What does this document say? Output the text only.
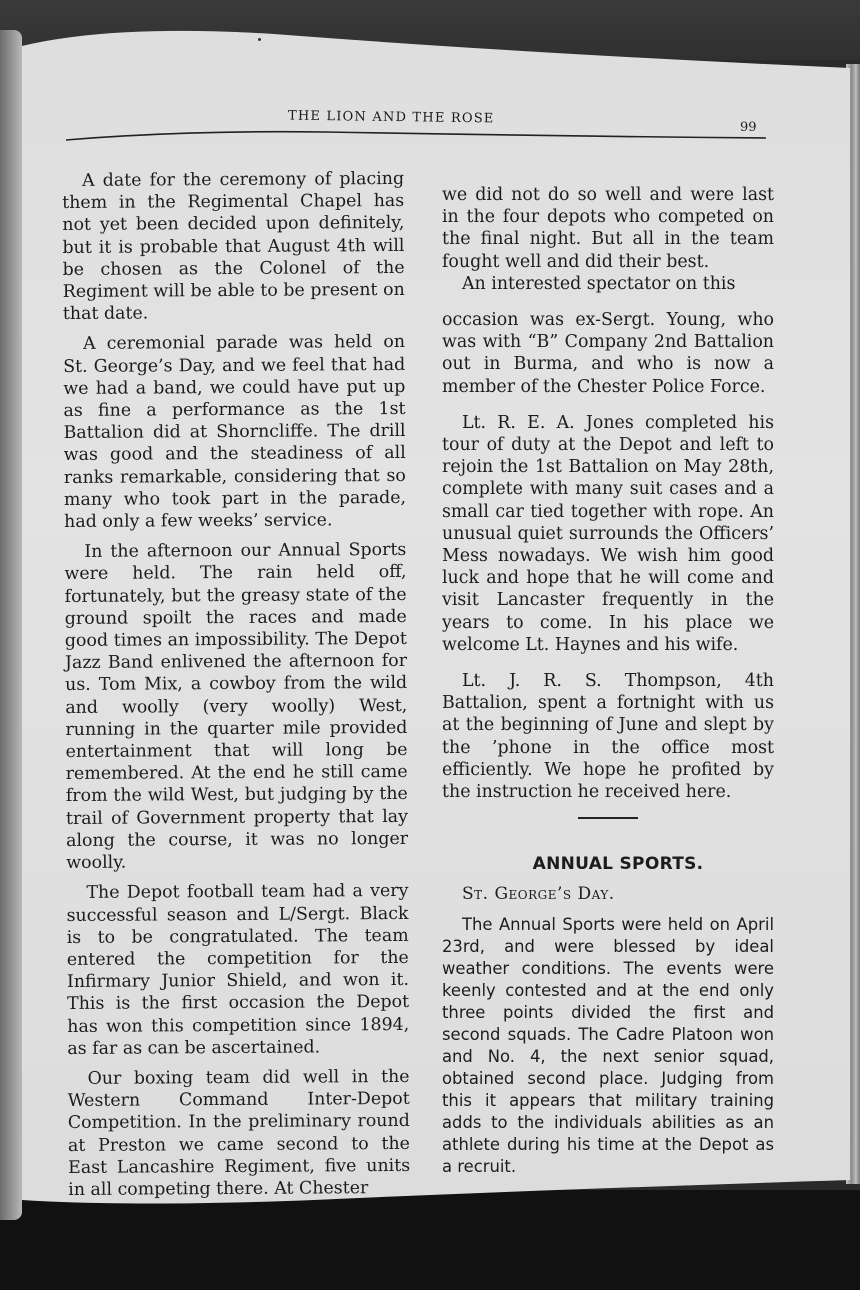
THE LION AND THE ROSE
99

A date for the ceremony of placing them in the Regimental Chapel has not yet been decided upon definitely, but it is probable that August 4th will be chosen as the Colonel of the Regiment will be able to be present on that date.

A ceremonial parade was held on St. George’s Day, and we feel that had we had a band, we could have put up as fine a performance as the 1st Battalion did at Shorncliffe. The drill was good and the steadiness of all ranks remarkable, considering that so many who took part in the parade, had only a few weeks’ service.

In the afternoon our Annual Sports were held. The rain held off, fortunately, but the greasy state of the ground spoilt the races and made good times an impossibility. The Depot Jazz Band enlivened the afternoon for us. Tom Mix, a cowboy from the wild and woolly (very woolly) West, running in the quarter mile provided entertainment that will long be remembered. At the end he still came from the wild West, but judging by the trail of Government property that lay along the course, it was no longer woolly.

The Depot football team had a very successful season and L/Sergt. Black is to be congratulated. The team entered the competition for the Infirmary Junior Shield, and won it. This is the first occasion the Depot has won this competition since 1894, as far as can be ascertained.

Our boxing team did well in the Western Command Inter-Depot Competition. In the preliminary round at Preston we came second to the East Lancashire Regiment, five units in all competing there. At Chester

we did not do so well and were last in the four depots who competed on the final night. But all in the team fought well and did their best.

An interested spectator on this

occasion was ex-Sergt. Young, who was with “B” Company 2nd Battalion out in Burma, and who is now a member of the Chester Police Force.

Lt. R. E. A. Jones completed his tour of duty at the Depot and left to rejoin the 1st Battalion on May 28th, complete with many suit cases and a small car tied together with rope. An unusual quiet surrounds the Officers’ Mess nowadays. We wish him good luck and hope that he will come and visit Lancaster frequently in the years to come. In his place we welcome Lt. Haynes and his wife.

Lt. J. R. S. Thompson, 4th Battalion, spent a fortnight with us at the beginning of June and slept by the ’phone in the office most efficiently. We hope he profited by the instruction he received here.

ANNUAL SPORTS.

St. George’s Day.

The Annual Sports were held on April 23rd, and were blessed by ideal weather conditions. The events were keenly contested and at the end only three points divided the first and second squads. The Cadre Platoon won and No. 4, the next senior squad, obtained second place. Judging from this it appears that military training adds to the individuals abilities as an athlete during his time at the Depot as a recruit.
